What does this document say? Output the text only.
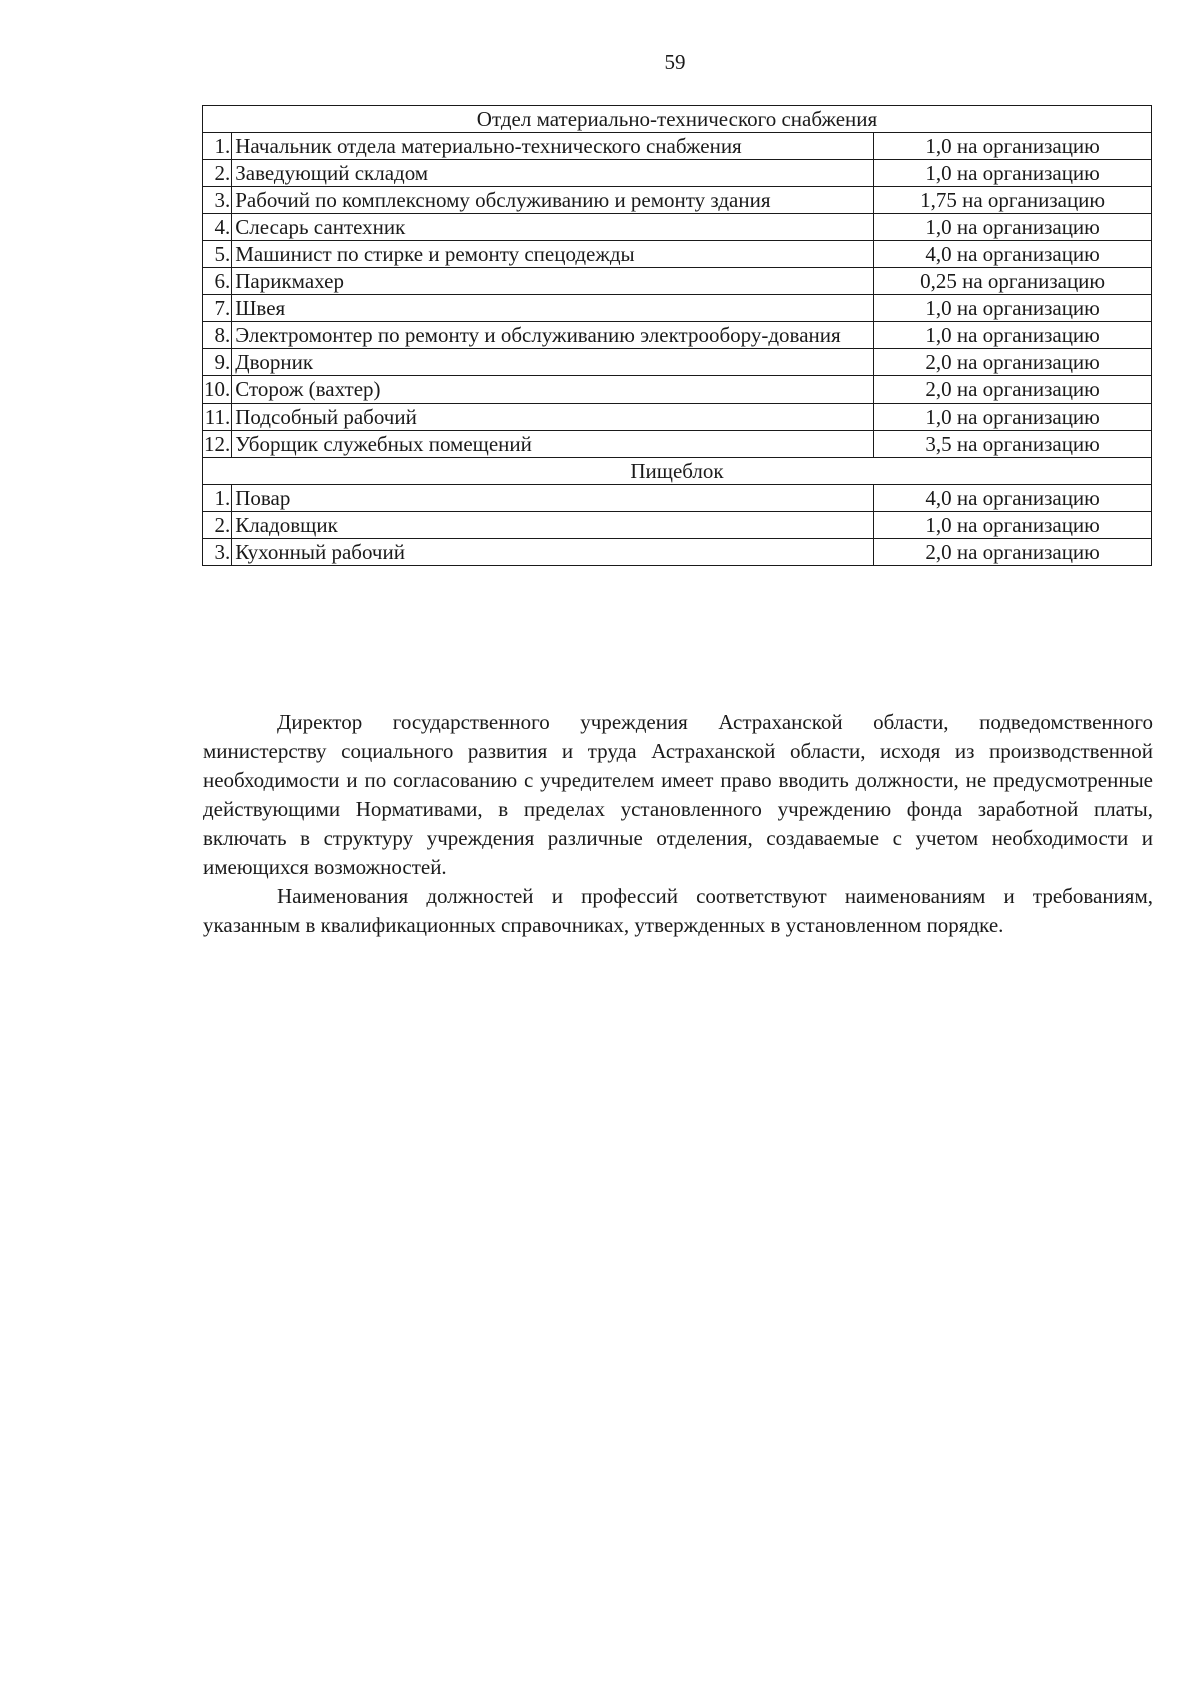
59
Отдел материально-технического снабжения		
1.	Начальник отдела материально-технического снабжения	1,0 на организацию
2.	Заведующий складом	1,0 на организацию
3.	Рабочий по комплексному обслуживанию и ремонту здания	1,75 на организацию
4.	Слесарь сантехник	1,0 на организацию
5.	Машинист по стирке и ремонту спецодежды	4,0 на организацию
6.	Парикмахер	0,25 на организацию
7.	Швея	1,0 на организацию
8.	Электромонтер по ремонту и обслуживанию электрообору-дования	1,0 на организацию
9.	Дворник	2,0 на организацию
10.	Сторож (вахтер)	2,0 на организацию
11.	Подсобный рабочий	1,0 на организацию
12.	Уборщик служебных помещений	3,5 на организацию
Пищеблок		
1.	Повар	4,0 на организацию
2.	Кладовщик	1,0 на организацию
3.	Кухонный рабочий	2,0 на организацию

Директор государственного учреждения Астраханской области, подведомственного министерству социального развития и труда Астраханской области, исходя из производственной необходимости и по согласованию с учредителем имеет право вводить должности, не предусмотренные действующими Нормативами, в пределах установленного учреждению фонда заработной платы, включать в структуру учреждения различные отделения, создаваемые с учетом необходимости и имеющихся возможностей.

Наименования должностей и профессий соответствуют наименованиям и требованиям, указанным в квалификационных справочниках, утвержденных в установленном порядке.
